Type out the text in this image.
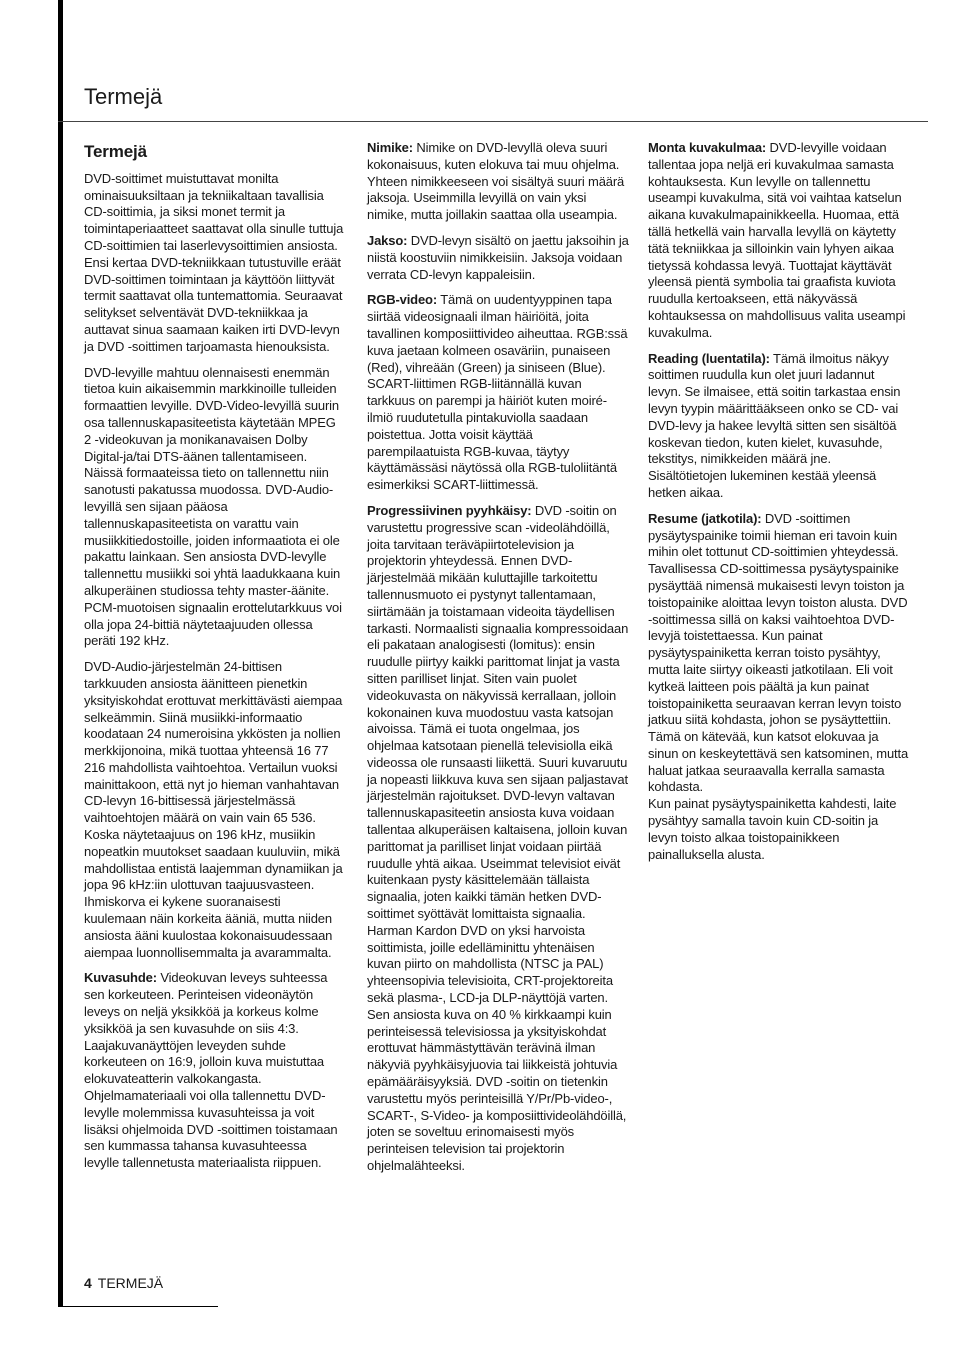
Termejä
Termejä

DVD-soittimet muistuttavat monilta ominaisuuksiltaan ja tekniikaltaan tavallisia CD-soittimia, ja siksi monet termit ja toimintaperiaatteet saattavat olla sinulle tuttuja CD-soittimien tai laserlevysoittimien ansiosta. Ensi kertaa DVD-tekniikkaan tutustuville eräät DVD-soittimen toimintaan ja käyttöön liittyvät termit saattavat olla tuntemattomia. Seuraavat selitykset selventävät DVD-tekniikkaa ja auttavat sinua saamaan kaiken irti DVD-levyn ja DVD -soittimen tarjoamasta hienouksista.

DVD-levyille mahtuu olennaisesti enemmän tietoa kuin aikaisemmin markkinoille tulleiden formaattien levyille. DVD-Video-levyillä suurin osa tallennuskapasiteetista käytetään MPEG 2 -videokuvan ja monikanavaisen Dolby Digital-ja/tai DTS-äänen tallentamiseen. Näissä formaateissa tieto on tallennettu niin sanotusti pakatussa muodossa. DVD-Audio-levyillä sen sijaan pääosa tallennuskapasiteetista on varattu vain musiikkitiedostoille, joiden informaatiota ei ole pakattu lainkaan. Sen ansiosta DVD-levylle tallennettu musiikki soi yhtä laadukkaana kuin alkuperäinen studiossa tehty master-äänite. PCM-muotoisen signaalin erottelutarkkuus voi olla jopa 24-bittiä näytetaajuuden ollessa peräti 192 kHz.

DVD-Audio-järjestelmän 24-bittisen tarkkuuden ansiosta äänitteen pienetkin yksityiskohdat erottuvat merkittävästi aiempaa selkeämmin. Siinä musiikki-informaatio koodataan 24 numeroisina ykkösten ja nollien merkkijonoina, mikä tuottaa yhteensä 16 77 216 mahdollista vaihtoehtoa. Vertailun vuoksi mainittakoon, että nyt jo hieman vanhahtavan CD-levyn 16-bittisessä järjestelmässä vaihtoehtojen määrä on vain vain 65 536. Koska näytetaajuus on 196 kHz, musiikin nopeatkin muutokset saadaan kuuluviin, mikä mahdollistaa entistä laajemman dynamiikan ja jopa 96 kHz:iin ulottuvan taajuusvasteen. Ihmiskorva ei kykene suoranaisesti kuulemaan näin korkeita ääniä, mutta niiden ansiosta ääni kuulostaa kokonaisuudessaan aiempaa luonnollisemmalta ja avarammalta.

Kuvasuhde: Videokuvan leveys suhteessa sen korkeuteen. Perinteisen videonäytön leveys on neljä yksikköä ja korkeus kolme yksikköä ja sen kuvasuhde on siis 4:3. Laajakuvanäyttöjen leveyden suhde korkeuteen on 16:9, jolloin kuva muistuttaa elokuvateatterin valkokangasta. Ohjelmamateriaali voi olla tallennettu DVD-levylle molemmissa kuvasuhteissa ja voit lisäksi ohjelmoida DVD -soittimen toistamaan sen kummassa tahansa kuvasuhteessa levylle tallennetusta materiaalista riippuen.

Nimike: Nimike on DVD-levyllä oleva suuri kokonaisuus, kuten elokuva tai muu ohjelma. Yhteen nimikkeeseen voi sisältyä suuri määrä jaksoja. Useimmilla levyillä on vain yksi nimike, mutta joillakin saattaa olla useampia.

Jakso: DVD-levyn sisältö on jaettu jaksoihin ja niistä koostuviin nimikkeisiin. Jaksoja voidaan verrata CD-levyn kappaleisiin.

RGB-video: Tämä on uudentyyppinen tapa siirtää videosignaali ilman häiriöitä, joita tavallinen komposiittivideo aiheuttaa. RGB:ssä kuva jaetaan kolmeen osaväriin, punaiseen (Red), vihreään (Green) ja siniseen (Blue). SCART-liittimen RGB-liitännällä kuvan tarkkuus on parempi ja häiriöt kuten moiré-ilmiö ruudutetulla pintakuviolla saadaan poistettua. Jotta voisit käyttää parempilaatuista RGB-kuvaa, täytyy käyttämässäsi näytössä olla RGB-tuloliitäntä esimerkiksi SCART-liittimessä.

Progressiivinen pyyhkäisy: DVD -soitin on varustettu progressive scan -videolähdöillä, joita tarvitaan teräväpiirtotelevision ja projektorin yhteydessä. Ennen DVD-järjestelmää mikään kuluttajille tarkoitettu tallennusmuoto ei pystynyt tallentamaan, siirtämään ja toistamaan videoita täydellisen tarkasti. Normaalisti signaalia kompressoidaan eli pakataan analogisesti (lomitus): ensin ruudulle piirtyy kaikki parittomat linjat ja vasta sitten parilliset linjat. Siten vain puolet videokuvasta on näkyvissä kerrallaan, jolloin kokonainen kuva muodostuu vasta katsojan aivoissa. Tämä ei tuota ongelmaa, jos ohjelmaa katsotaan pienellä televisiolla eikä videossa ole runsaasti liikettä. Suuri kuvaruutu ja nopeasti liikkuva kuva sen sijaan paljastavat järjestelmän rajoitukset. DVD-levyn valtavan tallennuskapasiteetin ansiosta kuva voidaan tallentaa alkuperäisen kaltaisena, jolloin kuvan parittomat ja parilliset linjat voidaan piirtää ruudulle yhtä aikaa. Useimmat televisiot eivät kuitenkaan pysty käsittelemään tällaista signaalia, joten kaikki tämän hetken DVD-soittimet syöttävät lomittaista signaalia. Harman Kardon DVD on yksi harvoista soittimista, joille edelläminittu yhtenäisen kuvan piirto on mahdollista (NTSC ja PAL) yhteensopivia televisioita, CRT-projektoreita sekä plasma-, LCD-ja DLP-näyttöjä varten. Sen ansiosta kuva on 40 % kirkkaampi kuin perinteisessä televisiossa ja yksityiskohdat erottuvat hämmästyttävän terävinä ilman näkyviä pyyhkäisyjuovia tai liikkeistä johtuvia epämääräisyyksiä. DVD -soitin on tietenkin varustettu myös perinteisillä Y/Pr/Pb-video-, SCART-, S-Video- ja komposiittivideolähdöillä, joten se soveltuu erinomaisesti myös perinteisen television tai projektorin ohjelmalähteeksi.

Monta kuvakulmaa: DVD-levyille voidaan tallentaa jopa neljä eri kuvakulmaa samasta kohtauksesta. Kun levylle on tallennettu useampi kuvakulma, sitä voi vaihtaa katselun aikana kuvakulmapainikkeella. Huomaa, että tällä hetkellä vain harvalla levyllä on käytetty tätä tekniikkaa ja silloinkin vain lyhyen aikaa tietyssä kohdassa levyä. Tuottajat käyttävät yleensä pientä symbolia tai graafista kuviota ruudulla kertoakseen, että näkyvässä kohtauksessa on mahdollisuus valita useampi kuvakulma.

Reading (luentatila): Tämä ilmoitus näkyy soittimen ruudulla kun olet juuri ladannut levyn. Se ilmaisee, että soitin tarkastaa ensin levyn tyypin määrittääkseen onko se CD- vai DVD-levy ja hakee levyltä sitten sen sisältöä koskevan tiedon, kuten kielet, kuvasuhde, tekstitys, nimikkeiden määrä jne. Sisältötietojen lukeminen kestää yleensä hetken aikaa.

Resume (jatkotila): DVD -soittimen pysäytyspainike toimii hieman eri tavoin kuin mihin olet tottunut CD-soittimien yhteydessä. Tavallisessa CD-soittimessa pysäytyspainike pysäyttää nimensä mukaisesti levyn toiston ja toistopainike aloittaa levyn toiston alusta. DVD -soittimessa sillä on kaksi vaihtoehtoa DVD-levyjä toistettaessa. Kun painat pysäytyspainiketta kerran toisto pysähtyy, mutta laite siirtyy oikeasti jatkotilaan. Eli voit kytkeä laitteen pois päältä ja kun painat toistopainiketta seuraavan kerran levyn toisto jatkuu siitä kohdasta, johon se pysäyttettiin. Tämä on kätevää, kun katsot elokuvaa ja sinun on keskeytettävä sen katsominen, mutta haluat jatkaa seuraavalla kerralla samasta kohdasta.

Kun painat pysäytyspainiketta kahdesti, laite pysähtyy samalla tavoin kuin CD-soitin ja levyn toisto alkaa toistopainikkeen painalluksella alusta.

4 TERMEJÄ
